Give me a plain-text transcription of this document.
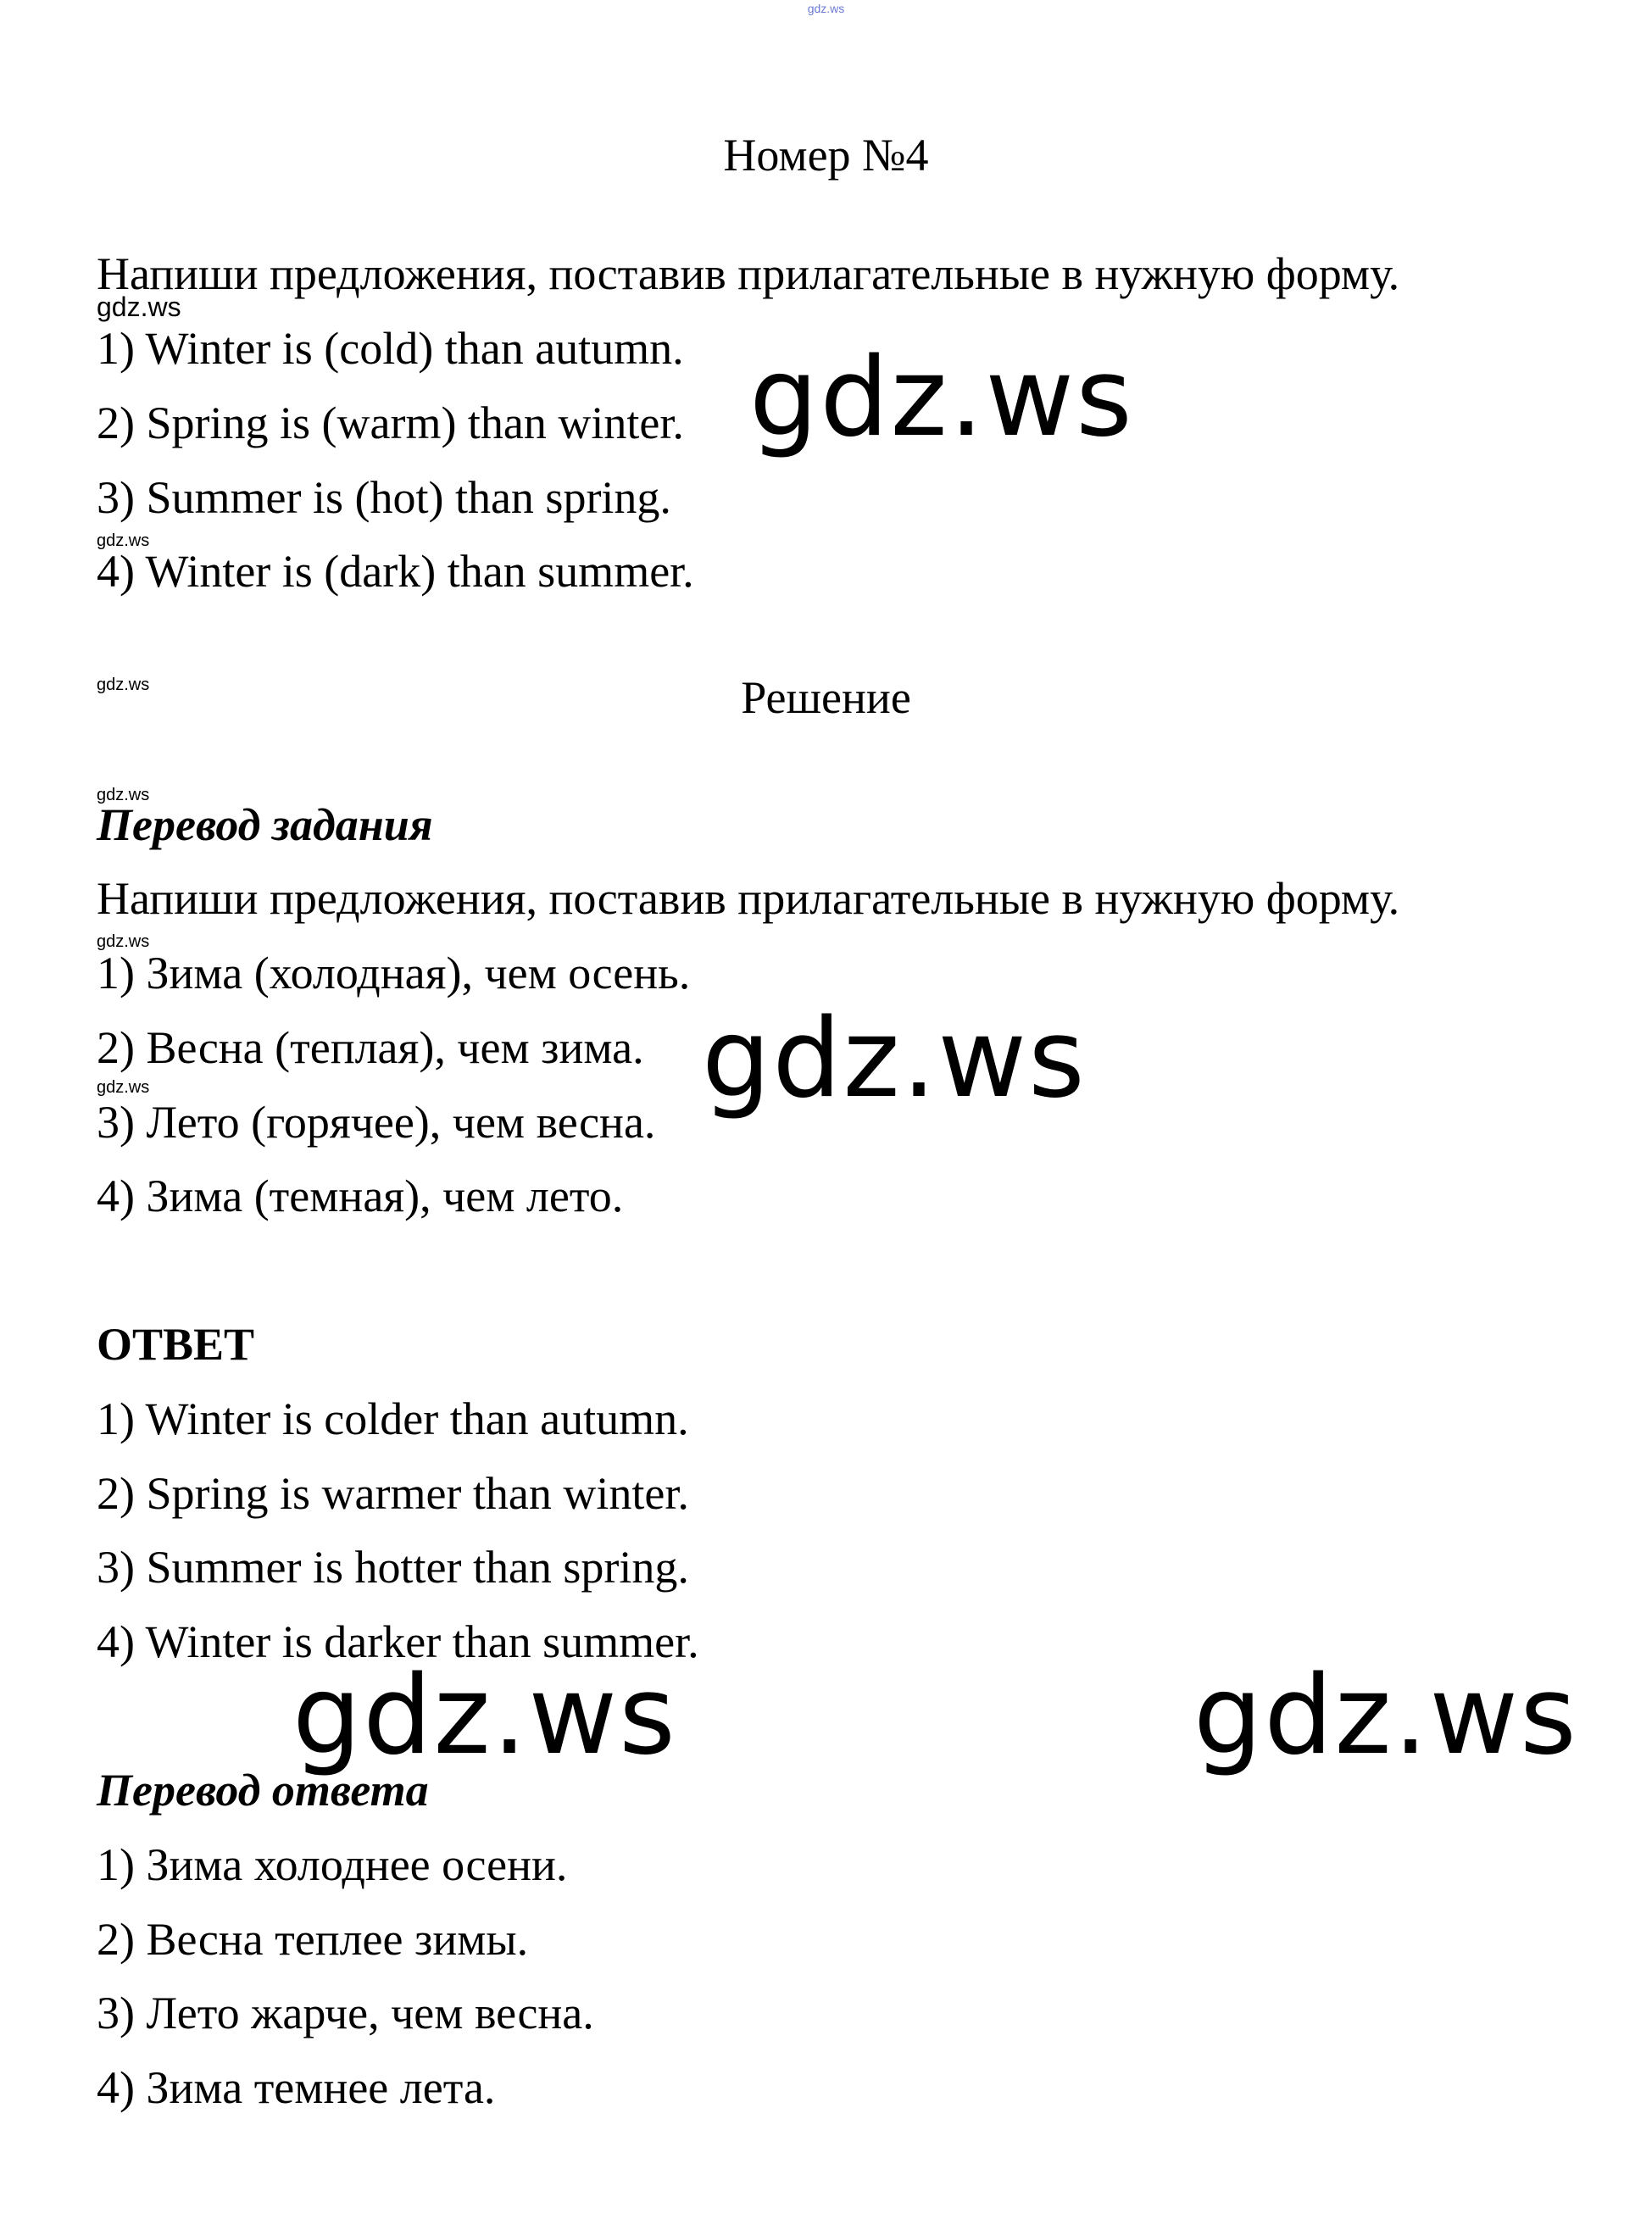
gdz.ws
Номер №4
Напиши предложения, поставив прилагательные в нужную форму.
gdz.ws
1) Winter is (cold) than autumn.
2) Spring is (warm) than winter. gdz.ws
3) Summer is (hot) than spring.
gdz.ws
4) Winter is (dark) than summer.
gdz.ws	Решение
gdz.ws
Перевод задания
Напиши предложения, поставив прилагательные в нужную форму.
gdz.ws
1) Зима (холодная), чем осень.
2) Весна (теплая), чем зима. gdz.ws
gdz.ws
3) Лето (горячее), чем весна.
4) Зима (темная), чем лето.
ОТВЕТ
1) Winter is colder than autumn.
2) Spring is warmer than winter.
3) Summer is hotter than spring.
4) Winter is darker than summer.
gdz.ws	gdz.ws
Перевод ответа
1) Зима холоднее осени.
2) Весна теплее зимы.
3) Лето жарче, чем весна.
4) Зима темнее лета.
